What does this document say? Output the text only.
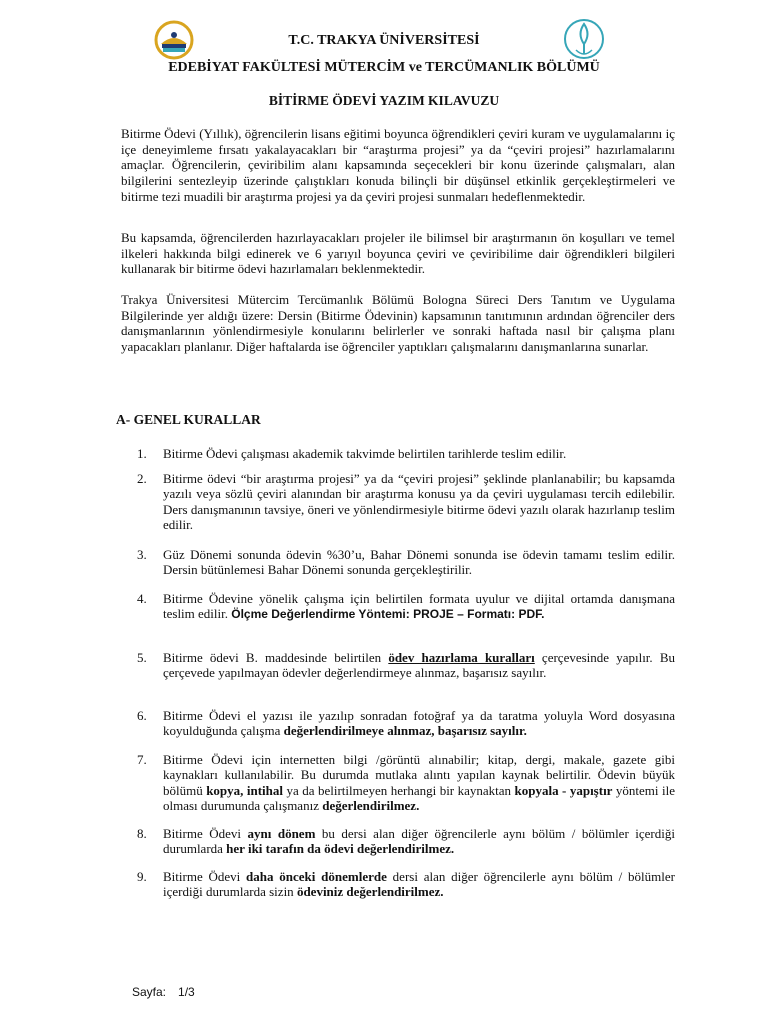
T.C. TRAKYA ÜNİVERSİTESİ
EDEBİYAT FAKÜLTESİ MÜTERCİM ve TERCÜMANLIK BÖLÜMÜ
BİTİRME ÖDEVİ YAZIM KILAVUZU

Bitirme Ödevi (Yıllık), öğrencilerin lisans eğitimi boyunca öğrendikleri çeviri kuram ve uygulamalarını iç içe deneyimleme fırsatı yakalayacakları bir “araştırma projesi” ya da “çeviri projesi” hazırlamalarını amaçlar. Öğrencilerin, çeviribilim alanı kapsamında seçecekleri bir konu üzerinde çalışmaları, alan bilgilerini sentezleyip üzerinde çalıştıkları konuda bilinçli bir düşünsel etkinlik gerçekleştirmeleri ve bitirme tezi muadili bir araştırma projesi ya da çeviri projesi sunmaları hedeflenmektedir.

Bu kapsamda, öğrencilerden hazırlayacakları projeler ile bilimsel bir araştırmanın ön koşulları ve temel ilkeleri hakkında bilgi edinerek ve 6 yarıyıl boyunca çeviri ve çeviribilime dair öğrendikleri bilgileri kullanarak bir bitirme ödevi hazırlamaları beklenmektedir.

Trakya Üniversitesi Mütercim Tercümanlık Bölümü Bologna Süreci Ders Tanıtım ve Uygulama Bilgilerinde yer aldığı üzere: Dersin (Bitirme Ödevinin) kapsamının tanıtımının ardından öğrenciler ders danışmanlarının yönlendirmesiyle konularını belirlerler ve sonraki haftada nasıl bir çalışma planı yapacakları planlanır. Diğer haftalarda ise öğrenciler yaptıkları çalışmalarını danışmanlarına sunarlar.

A- GENEL KURALLAR
1. Bitirme Ödevi çalışması akademik takvimde belirtilen tarihlerde teslim edilir.
2. Bitirme ödevi “bir araştırma projesi” ya da “çeviri projesi” şeklinde planlanabilir; bu kapsamda yazılı veya sözlü çeviri alanından bir araştırma konusu ya da çeviri uygulaması tercih edilebilir. Ders danışmanının tavsiye, öneri ve yönlendirmesiyle bitirme ödevi yazılı olarak hazırlanıp teslim edilir.
3. Güz Dönemi sonunda ödevin %30’u, Bahar Dönemi sonunda ise ödevin tamamı teslim edilir. Dersin bütünlemesi Bahar Dönemi sonunda gerçekleştirilir.
4. Bitirme Ödevine yönelik çalışma için belirtilen formata uyulur ve dijital ortamda danışmana teslim edilir. Ölçme Değerlendirme Yöntemi: PROJE – Formatı: PDF.
5. Bitirme ödevi B. maddesinde belirtilen ödev hazırlama kuralları çerçevesinde yapılır. Bu çerçevede yapılmayan ödevler değerlendirmeye alınmaz, başarısız sayılır.
6. Bitirme Ödevi el yazısı ile yazılıp sonradan fotoğraf ya da taratma yoluyla Word dosyasına koyulduğunda çalışma değerlendirilmeye alınmaz, başarısız sayılır.
7. Bitirme Ödevi için internetten bilgi /görüntü alınabilir; kitap, dergi, makale, gazete gibi kaynakları kullanılabilir. Bu durumda mutlaka alıntı yapılan kaynak belirtilir. Ödevin büyük bölümü kopya, intihal ya da belirtilmeyen herhangi bir kaynaktan kopyala - yapıştır yöntemi ile olması durumunda çalışmanız değerlendirilmez.
8. Bitirme Ödevi aynı dönem bu dersi alan diğer öğrencilerle aynı bölüm / bölümler içerdiği durumlarda her iki tarafın da ödevi değerlendirilmez.
9. Bitirme Ödevi daha önceki dönemlerde dersi alan diğer öğrencilerle aynı bölüm / bölümler içerdiği durumlarda sizin ödeviniz değerlendirilmez.
Sayfa: 1/3
